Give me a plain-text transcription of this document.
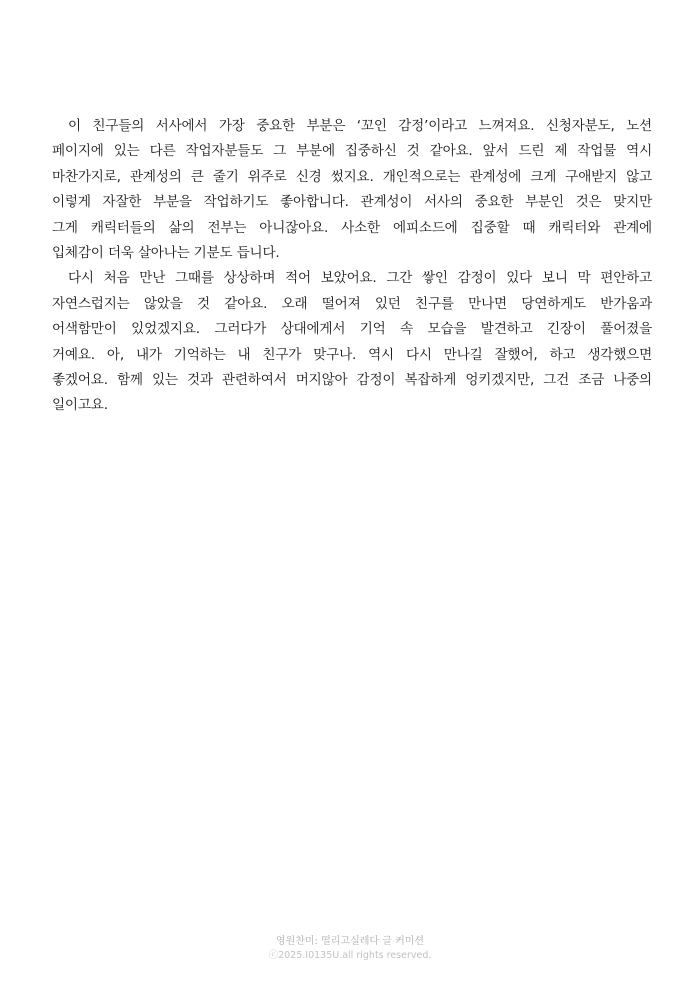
이 친구들의 서사에서 가장 중요한 부분은 ‘꼬인 감정’이라고 느껴져요. 신청자분도, 노션
페이지에 있는 다른 작업자분들도 그 부분에 집중하신 것 같아요. 앞서 드린 제 작업물 역시
마찬가지로, 관계성의 큰 줄기 위주로 신경 썼지요. 개인적으로는 관계성에 크게 구애받지 않고
이렇게 자잘한 부분을 작업하기도 좋아합니다. 관계성이 서사의 중요한 부분인 것은 맞지만
그게 캐릭터들의 삶의 전부는 아니잖아요. 사소한 에피소드에 집중할 때 캐릭터와 관계에
입체감이 더욱 살아나는 기분도 듭니다.
다시 처음 만난 그때를 상상하며 적어 보았어요. 그간 쌓인 감정이 있다 보니 막 편안하고
자연스럽지는 않았을 것 같아요. 오래 떨어져 있던 친구를 만나면 당연하게도 반가움과
어색함만이 있었겠지요. 그러다가 상대에게서 기억 속 모습을 발견하고 긴장이 풀어졌을
거예요. 아, 내가 기억하는 내 친구가 맞구나. 역시 다시 만나길 잘했어, 하고 생각했으면
좋겠어요. 함께 있는 것과 관련하여서 머지않아 감정이 복잡하게 엉키겠지만, 그건 조금 나중의
일이고요.
영원찬미: 떨리고실레다 글 커미션
ⓒ2025.I0135U.all rights reserved.
